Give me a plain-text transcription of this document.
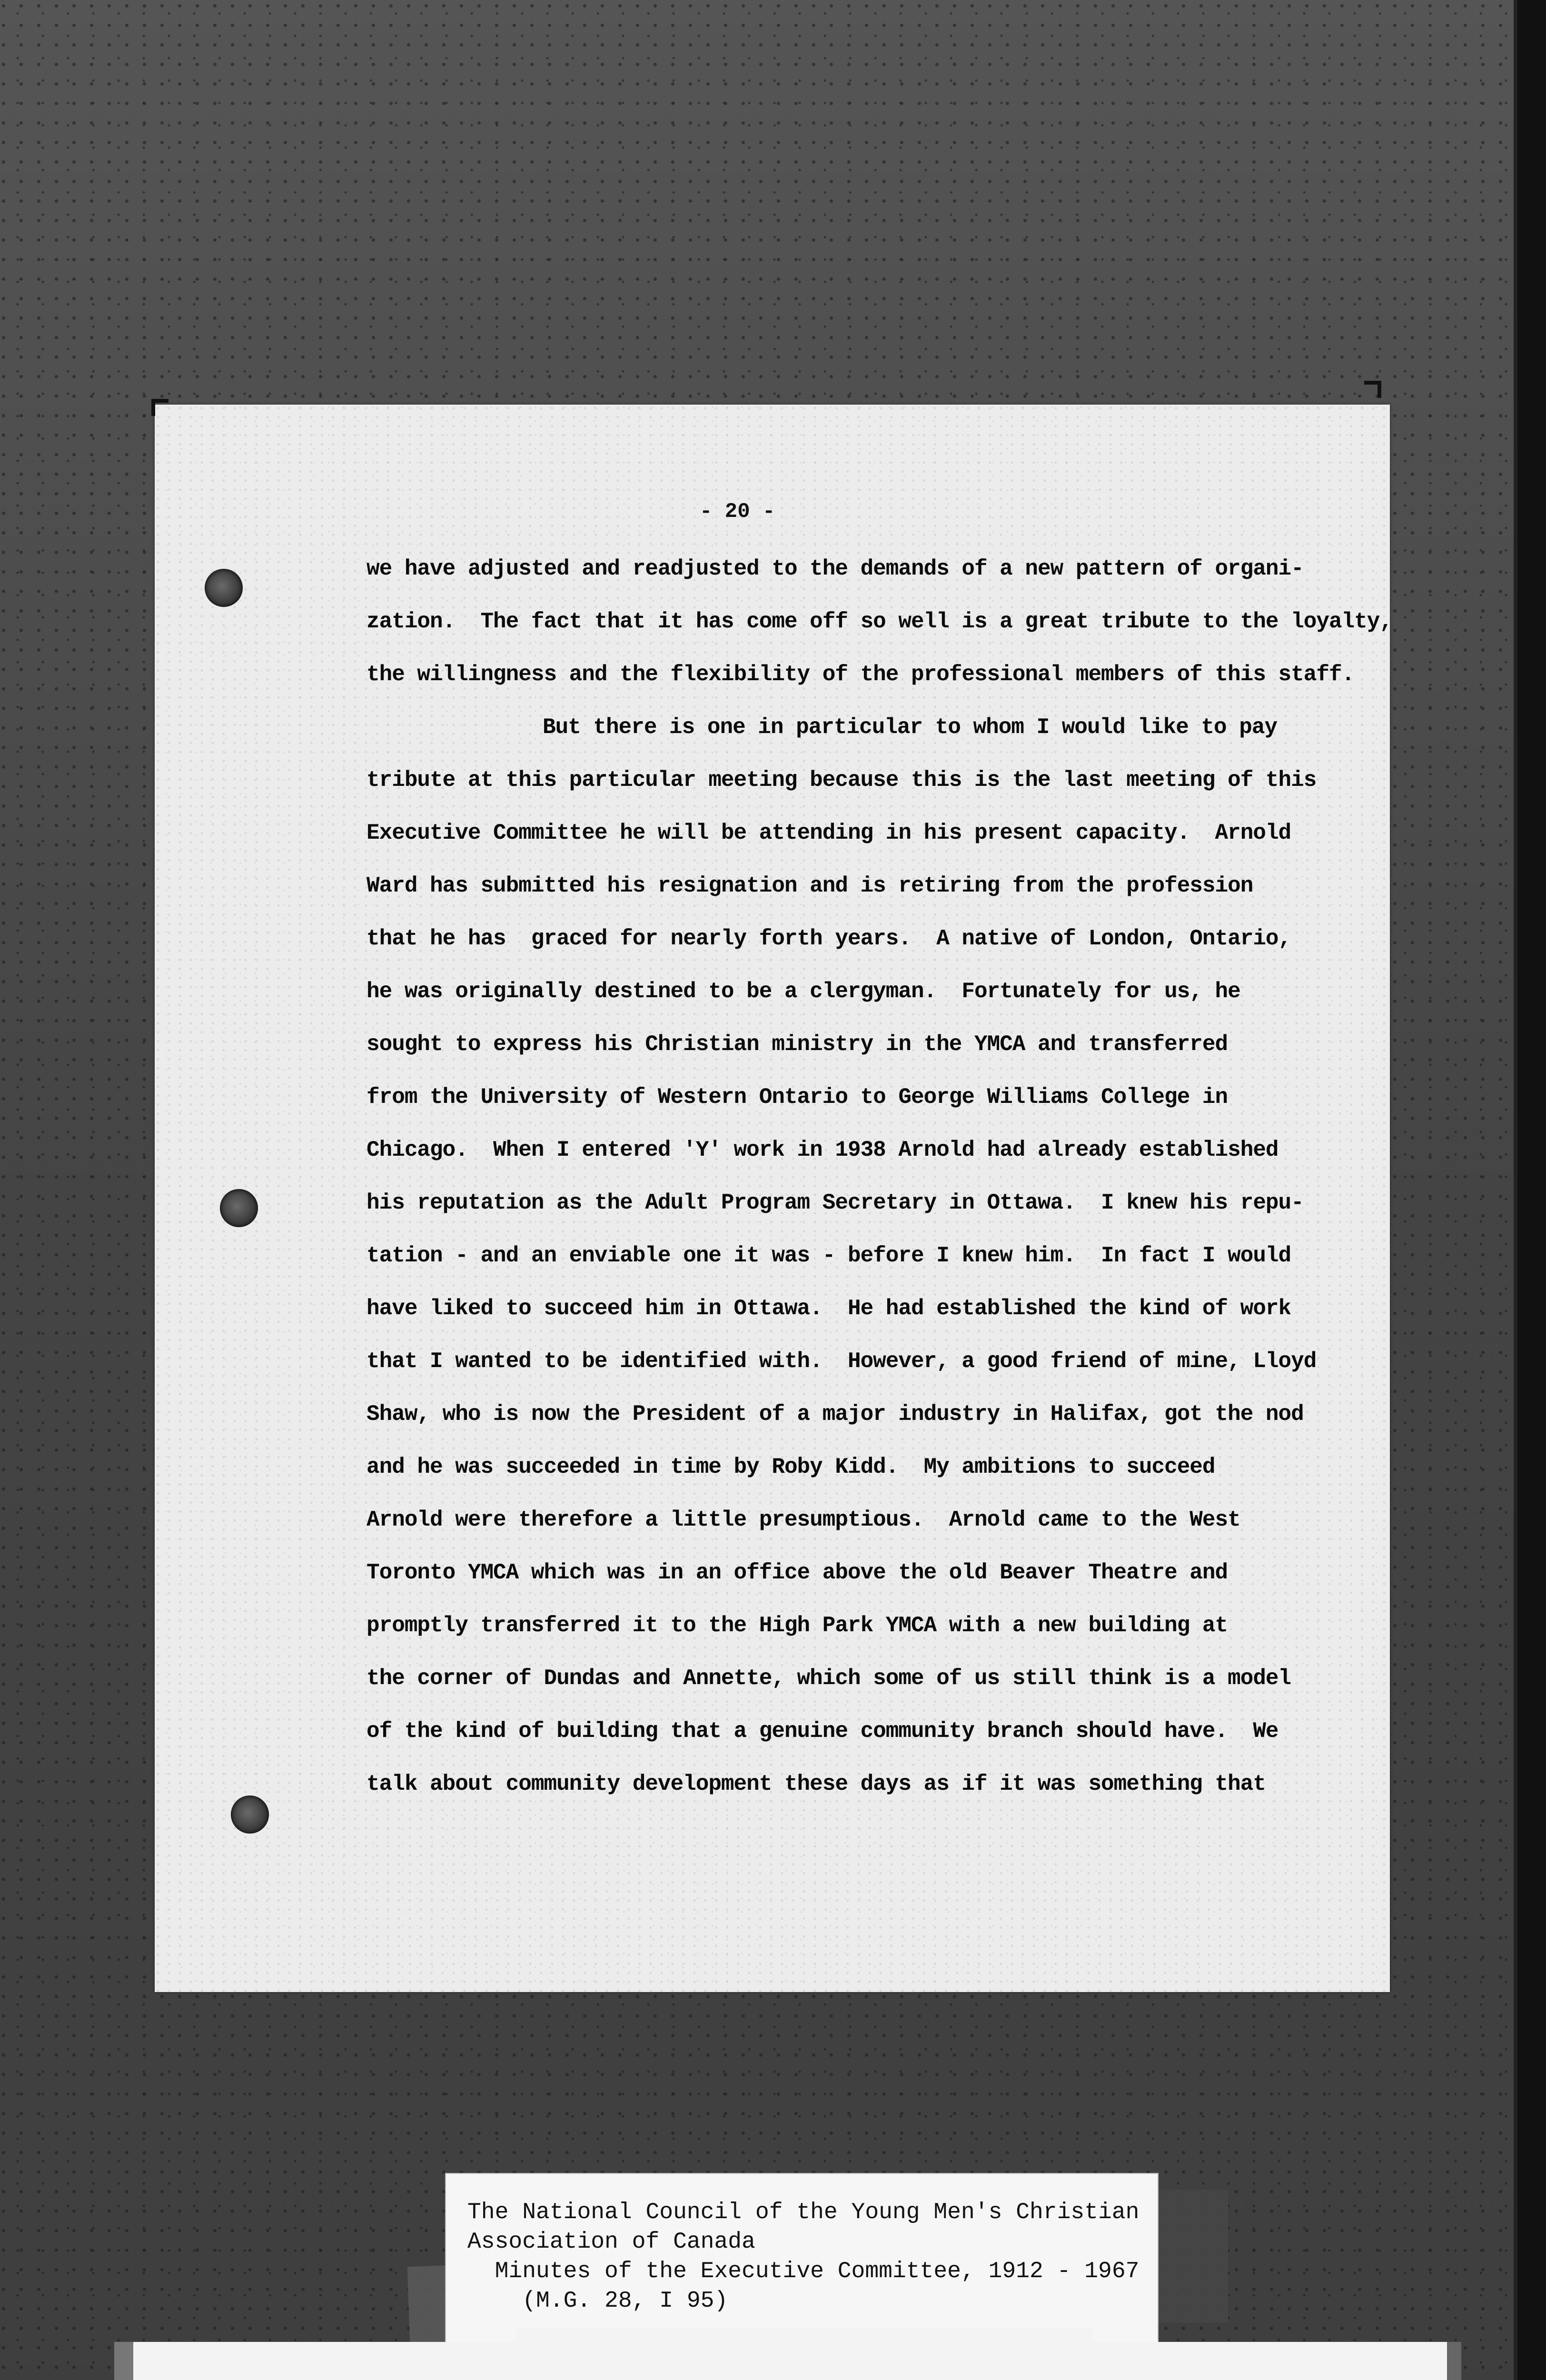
- 20 -
we have adjusted and readjusted to the demands of a new pattern of organi-
zation.  The fact that it has come off so well is a great tribute to the loyalty,
the willingness and the flexibility of the professional members of this staff.
But there is one in particular to whom I would like to pay
tribute at this particular meeting because this is the last meeting of this
Executive Committee he will be attending in his present capacity.  Arnold
Ward has submitted his resignation and is retiring from the profession
that he has  graced for nearly forth years.  A native of London, Ontario,
he was originally destined to be a clergyman.  Fortunately for us, he
sought to express his Christian ministry in the YMCA and transferred
from the University of Western Ontario to George Williams College in
Chicago.  When I entered 'Y' work in 1938 Arnold had already established
his reputation as the Adult Program Secretary in Ottawa.  I knew his repu-
tation - and an enviable one it was - before I knew him.  In fact I would
have liked to succeed him in Ottawa.  He had established the kind of work
that I wanted to be identified with.  However, a good friend of mine, Lloyd
Shaw, who is now the President of a major industry in Halifax, got the nod
and he was succeeded in time by Roby Kidd.  My ambitions to succeed
Arnold were therefore a little presumptious.  Arnold came to the West
Toronto YMCA which was in an office above the old Beaver Theatre and
promptly transferred it to the High Park YMCA with a new building at
the corner of Dundas and Annette, which some of us still think is a model
of the kind of building that a genuine community branch should have.  We
talk about community development these days as if it was something that
The National Council of the Young Men's Christian
Association of Canada
Minutes of the Executive Committee, 1912 - 1967
(M.G. 28, I 95)
